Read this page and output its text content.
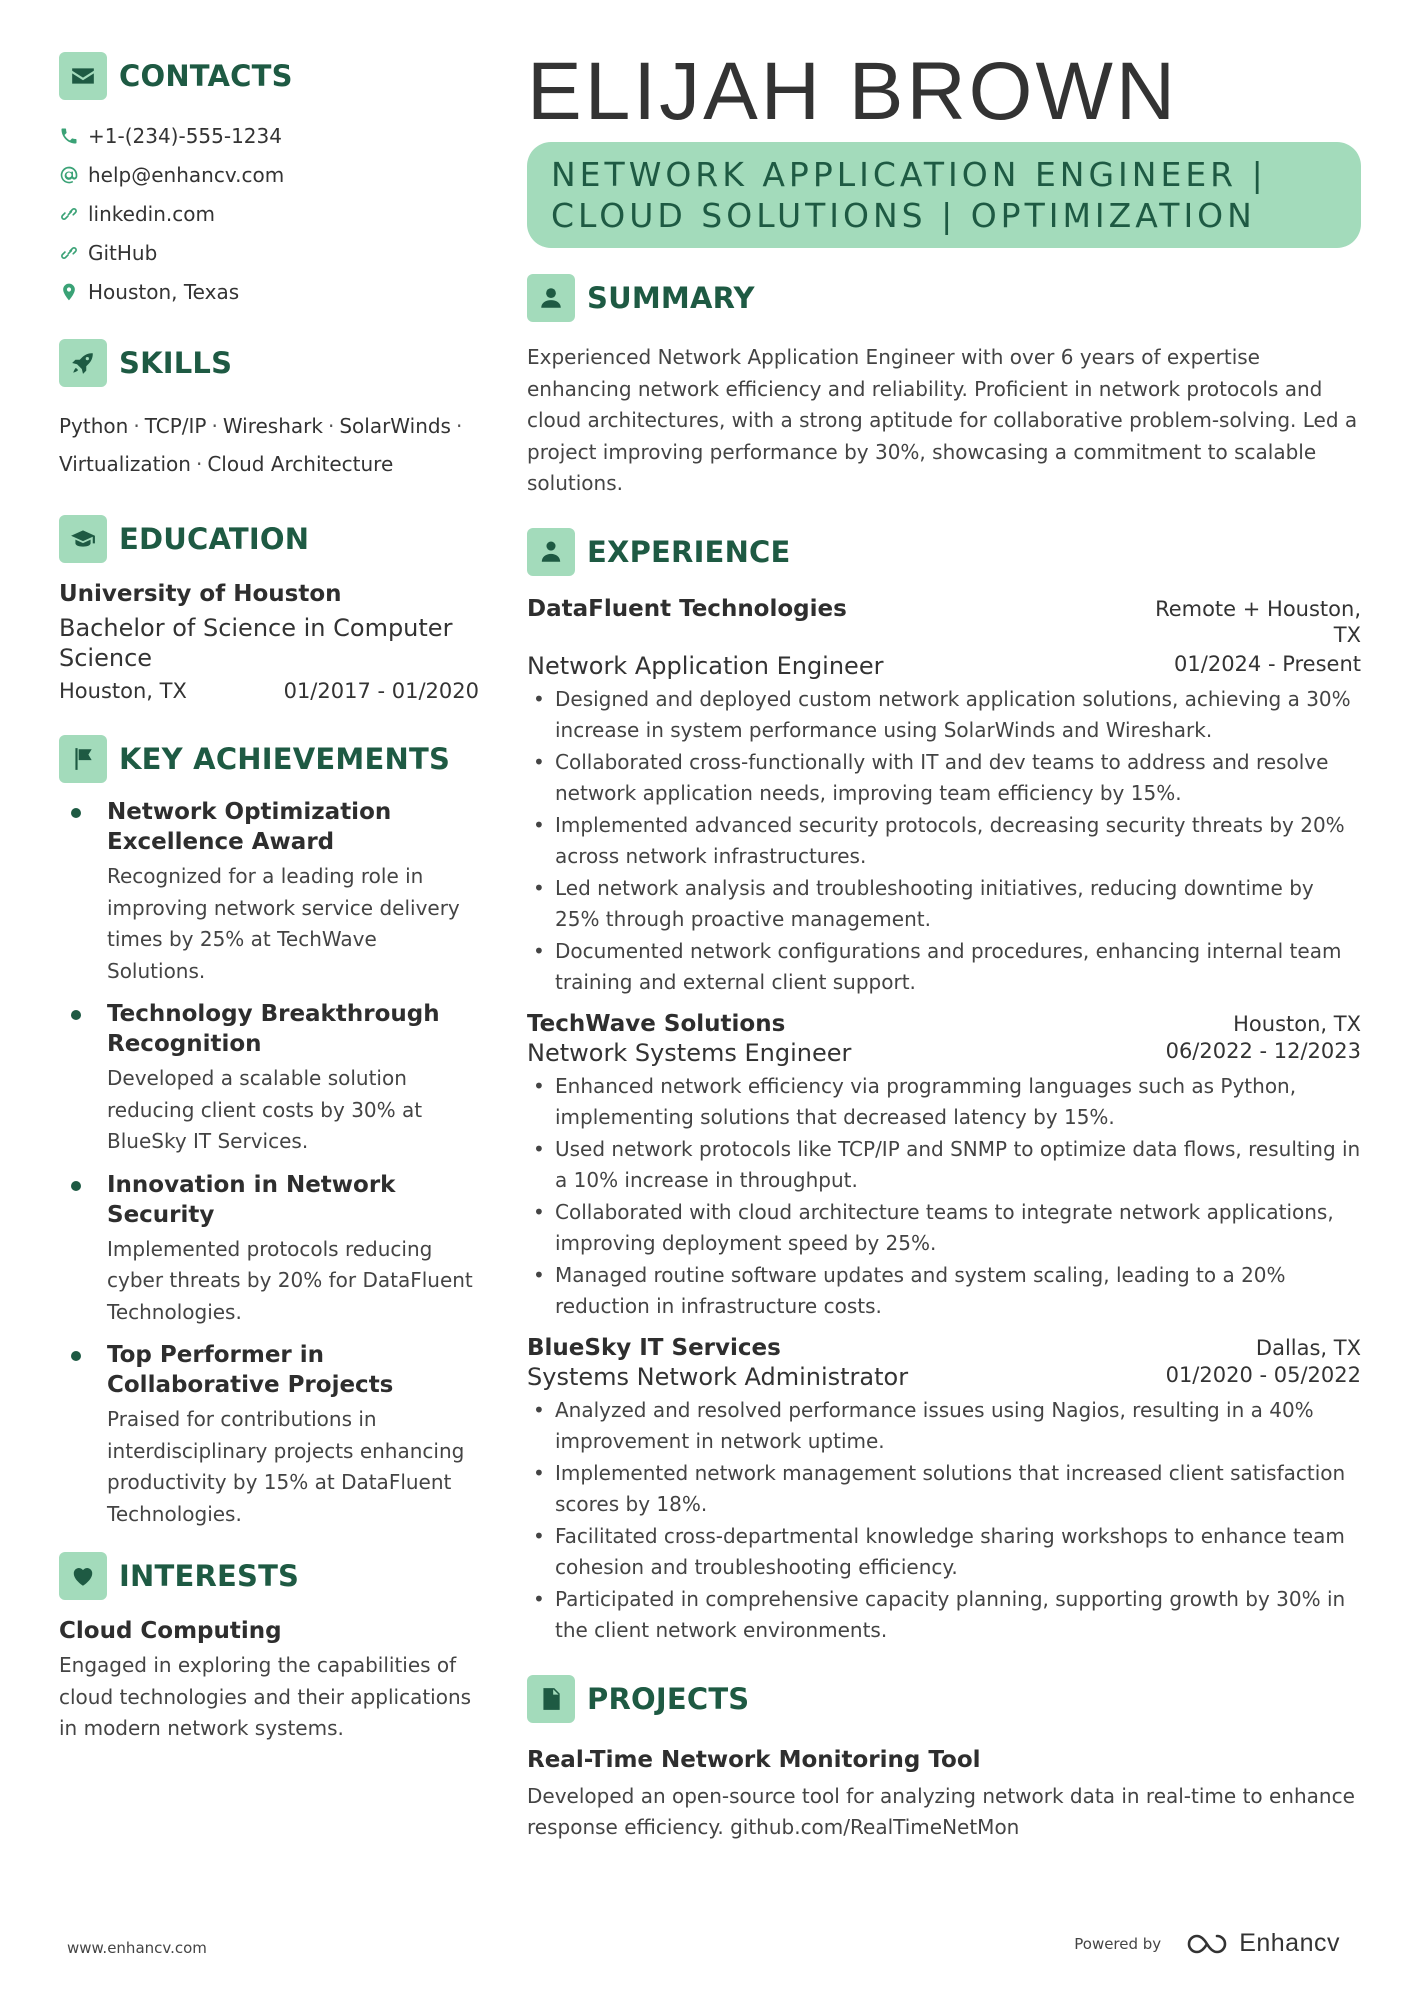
CONTACTS
+1-(234)-555-1234
help@enhancv.com
linkedin.com
GitHub
Houston, Texas
SKILLS
Python · TCP/IP · Wireshark · SolarWinds ·
Virtualization · Cloud Architecture
EDUCATION
University of Houston
Bachelor of Science in Computer Science
Houston, TX	01/2017 - 01/2020
KEY ACHIEVEMENTS
Network Optimization Excellence Award
Recognized for a leading role in improving network service delivery times by 25% at TechWave Solutions.
Technology Breakthrough Recognition
Developed a scalable solution reducing client costs by 30% at BlueSky IT Services.
Innovation in Network Security
Implemented protocols reducing cyber threats by 20% for DataFluent Technologies.
Top Performer in Collaborative Projects
Praised for contributions in interdisciplinary projects enhancing productivity by 15% at DataFluent Technologies.
INTERESTS
Cloud Computing
Engaged in exploring the capabilities of cloud technologies and their applications in modern network systems.
ELIJAH BROWN
NETWORK APPLICATION ENGINEER |
CLOUD SOLUTIONS | OPTIMIZATION
SUMMARY
Experienced Network Application Engineer with over 6 years of expertise enhancing network efficiency and reliability. Proficient in network protocols and cloud architectures, with a strong aptitude for collaborative problem-solving. Led a project improving performance by 30%, showcasing a commitment to scalable solutions.
EXPERIENCE
DataFluent Technologies	Remote + Houston,
TX
Network Application Engineer	01/2024 - Present
• Designed and deployed custom network application solutions, achieving a 30% increase in system performance using SolarWinds and Wireshark.
• Collaborated cross-functionally with IT and dev teams to address and resolve network application needs, improving team efficiency by 15%.
• Implemented advanced security protocols, decreasing security threats by 20% across network infrastructures.
• Led network analysis and troubleshooting initiatives, reducing downtime by 25% through proactive management.
• Documented network configurations and procedures, enhancing internal team training and external client support.
TechWave Solutions	Houston, TX
Network Systems Engineer	06/2022 - 12/2023
• Enhanced network efficiency via programming languages such as Python, implementing solutions that decreased latency by 15%.
• Used network protocols like TCP/IP and SNMP to optimize data flows, resulting in a 10% increase in throughput.
• Collaborated with cloud architecture teams to integrate network applications, improving deployment speed by 25%.
• Managed routine software updates and system scaling, leading to a 20% reduction in infrastructure costs.
BlueSky IT Services	Dallas, TX
Systems Network Administrator	01/2020 - 05/2022
• Analyzed and resolved performance issues using Nagios, resulting in a 40% improvement in network uptime.
• Implemented network management solutions that increased client satisfaction scores by 18%.
• Facilitated cross-departmental knowledge sharing workshops to enhance team cohesion and troubleshooting efficiency.
• Participated in comprehensive capacity planning, supporting growth by 30% in the client network environments.
PROJECTS
Real-Time Network Monitoring Tool
Developed an open-source tool for analyzing network data in real-time to enhance response efficiency. github.com/RealTimeNetMon
www.enhancv.com	Powered by	Enhancv
